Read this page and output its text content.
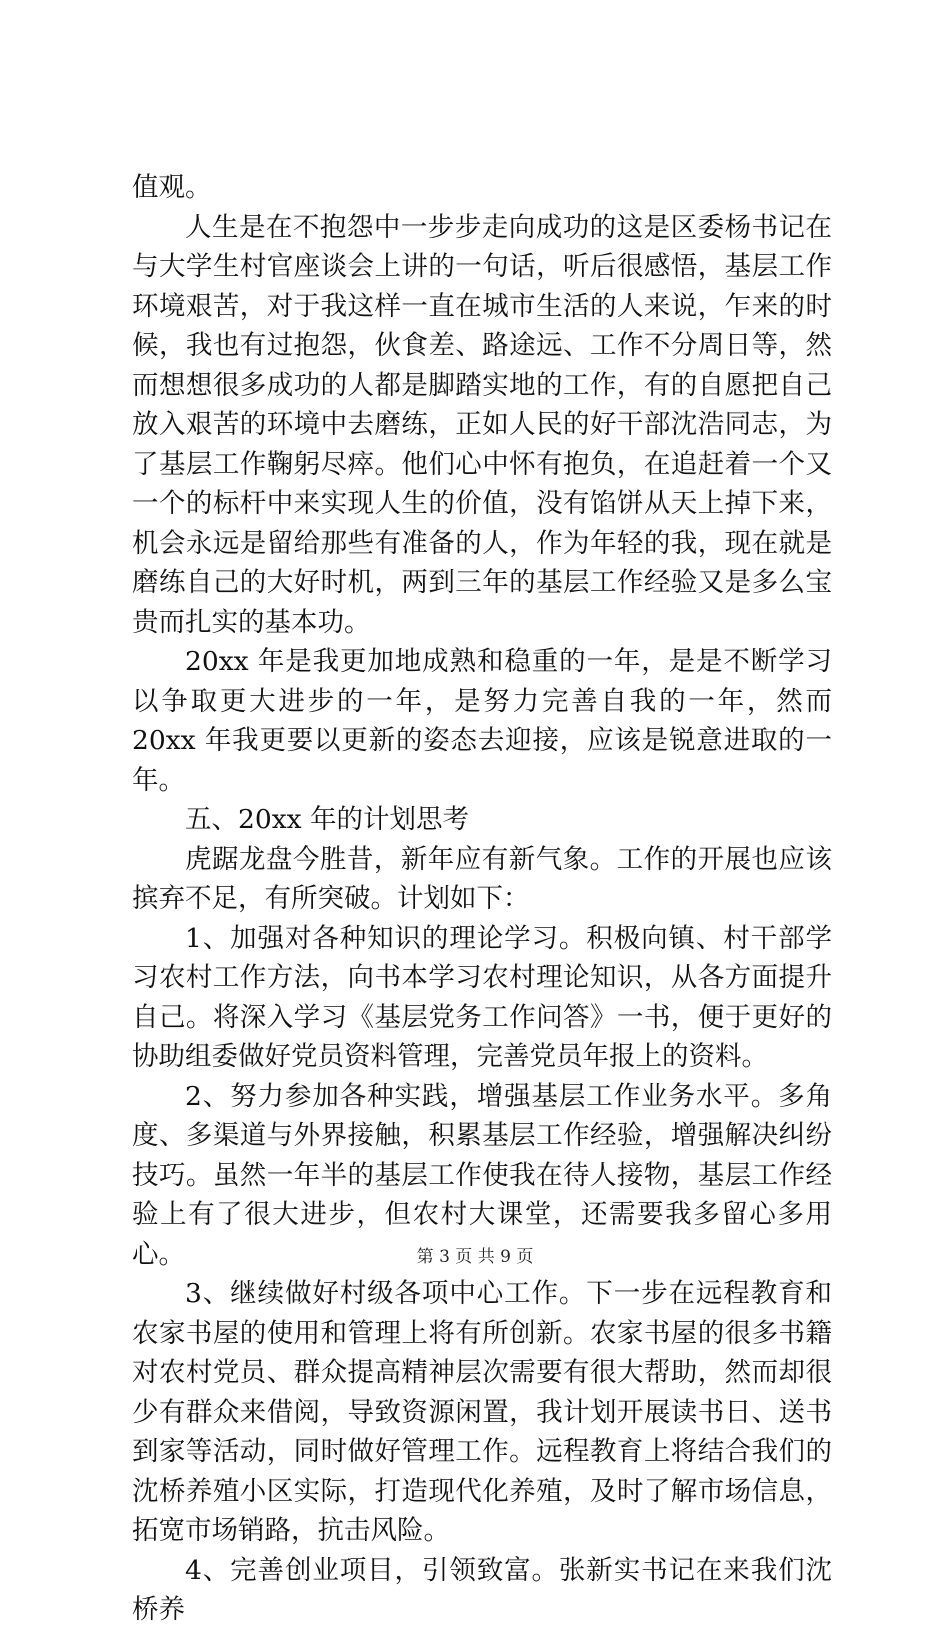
值观。

人生是在不抱怨中一步步走向成功的这是区委杨书记在与大学生村官座谈会上讲的一句话，听后很感悟，基层工作环境艰苦，对于我这样一直在城市生活的人来说，乍来的时候，我也有过抱怨，伙食差、路途远、工作不分周日等，然而想想很多成功的人都是脚踏实地的工作，有的自愿把自己放入艰苦的环境中去磨练，正如人民的好干部沈浩同志，为了基层工作鞠躬尽瘁。他们心中怀有抱负，在追赶着一个又一个的标杆中来实现人生的价值，没有馅饼从天上掉下来，机会永远是留给那些有准备的人，作为年轻的我，现在就是磨练自己的大好时机，两到三年的基层工作经验又是多么宝贵而扎实的基本功。

20xx 年是我更加地成熟和稳重的一年，是是不断学习以争取更大进步的一年，是努力完善自我的一年，然而 20xx 年我更要以更新的姿态去迎接，应该是锐意进取的一年。

五、20xx 年的计划思考

虎踞龙盘今胜昔，新年应有新气象。工作的开展也应该摈弃不足，有所突破。计划如下：

1、加强对各种知识的理论学习。积极向镇、村干部学习农村工作方法，向书本学习农村理论知识，从各方面提升自己。将深入学习《基层党务工作问答》一书，便于更好的协助组委做好党员资料管理，完善党员年报上的资料。

2、努力参加各种实践，增强基层工作业务水平。多角度、多渠道与外界接触，积累基层工作经验，增强解决纠纷技巧。虽然一年半的基层工作使我在待人接物，基层工作经验上有了很大进步，但农村大课堂，还需要我多留心多用心。

3、继续做好村级各项中心工作。下一步在远程教育和农家书屋的使用和管理上将有所创新。农家书屋的很多书籍对农村党员、群众提高精神层次需要有很大帮助，然而却很少有群众来借阅，导致资源闲置，我计划开展读书日、送书到家等活动，同时做好管理工作。远程教育上将结合我们的沈桥养殖小区实际，打造现代化养殖，及时了解市场信息，拓宽市场销路，抗击风险。

4、完善创业项目，引领致富。张新实书记在来我们沈桥养

第 3 页 共 9 页
